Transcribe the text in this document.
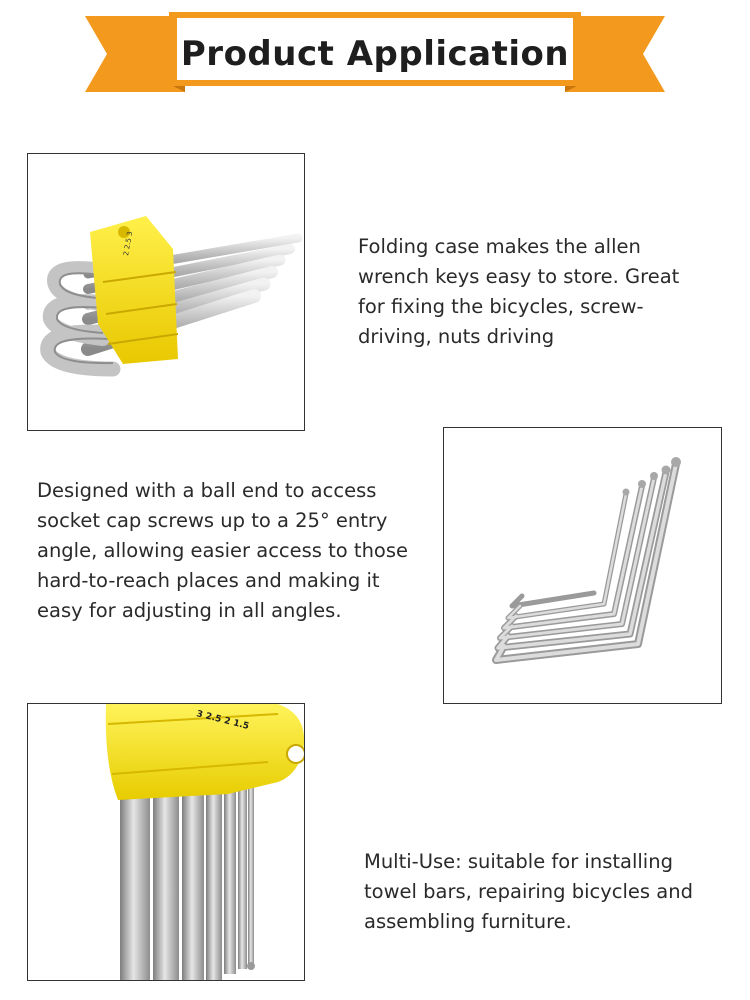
Product Application
2 2.5 3	Folding case makes the allen wrench keys easy to store. Great for fixing the bicycles, screw-driving, nuts driving

Designed with a ball end to access socket cap screws up to a 25° entry angle, allowing easier access to those hard-to-reach places and making it easy for adjusting in all angles.

3 2.5 2 1.5

Multi-Use: suitable for installing towel bars, repairing bicycles and assembling furniture.
